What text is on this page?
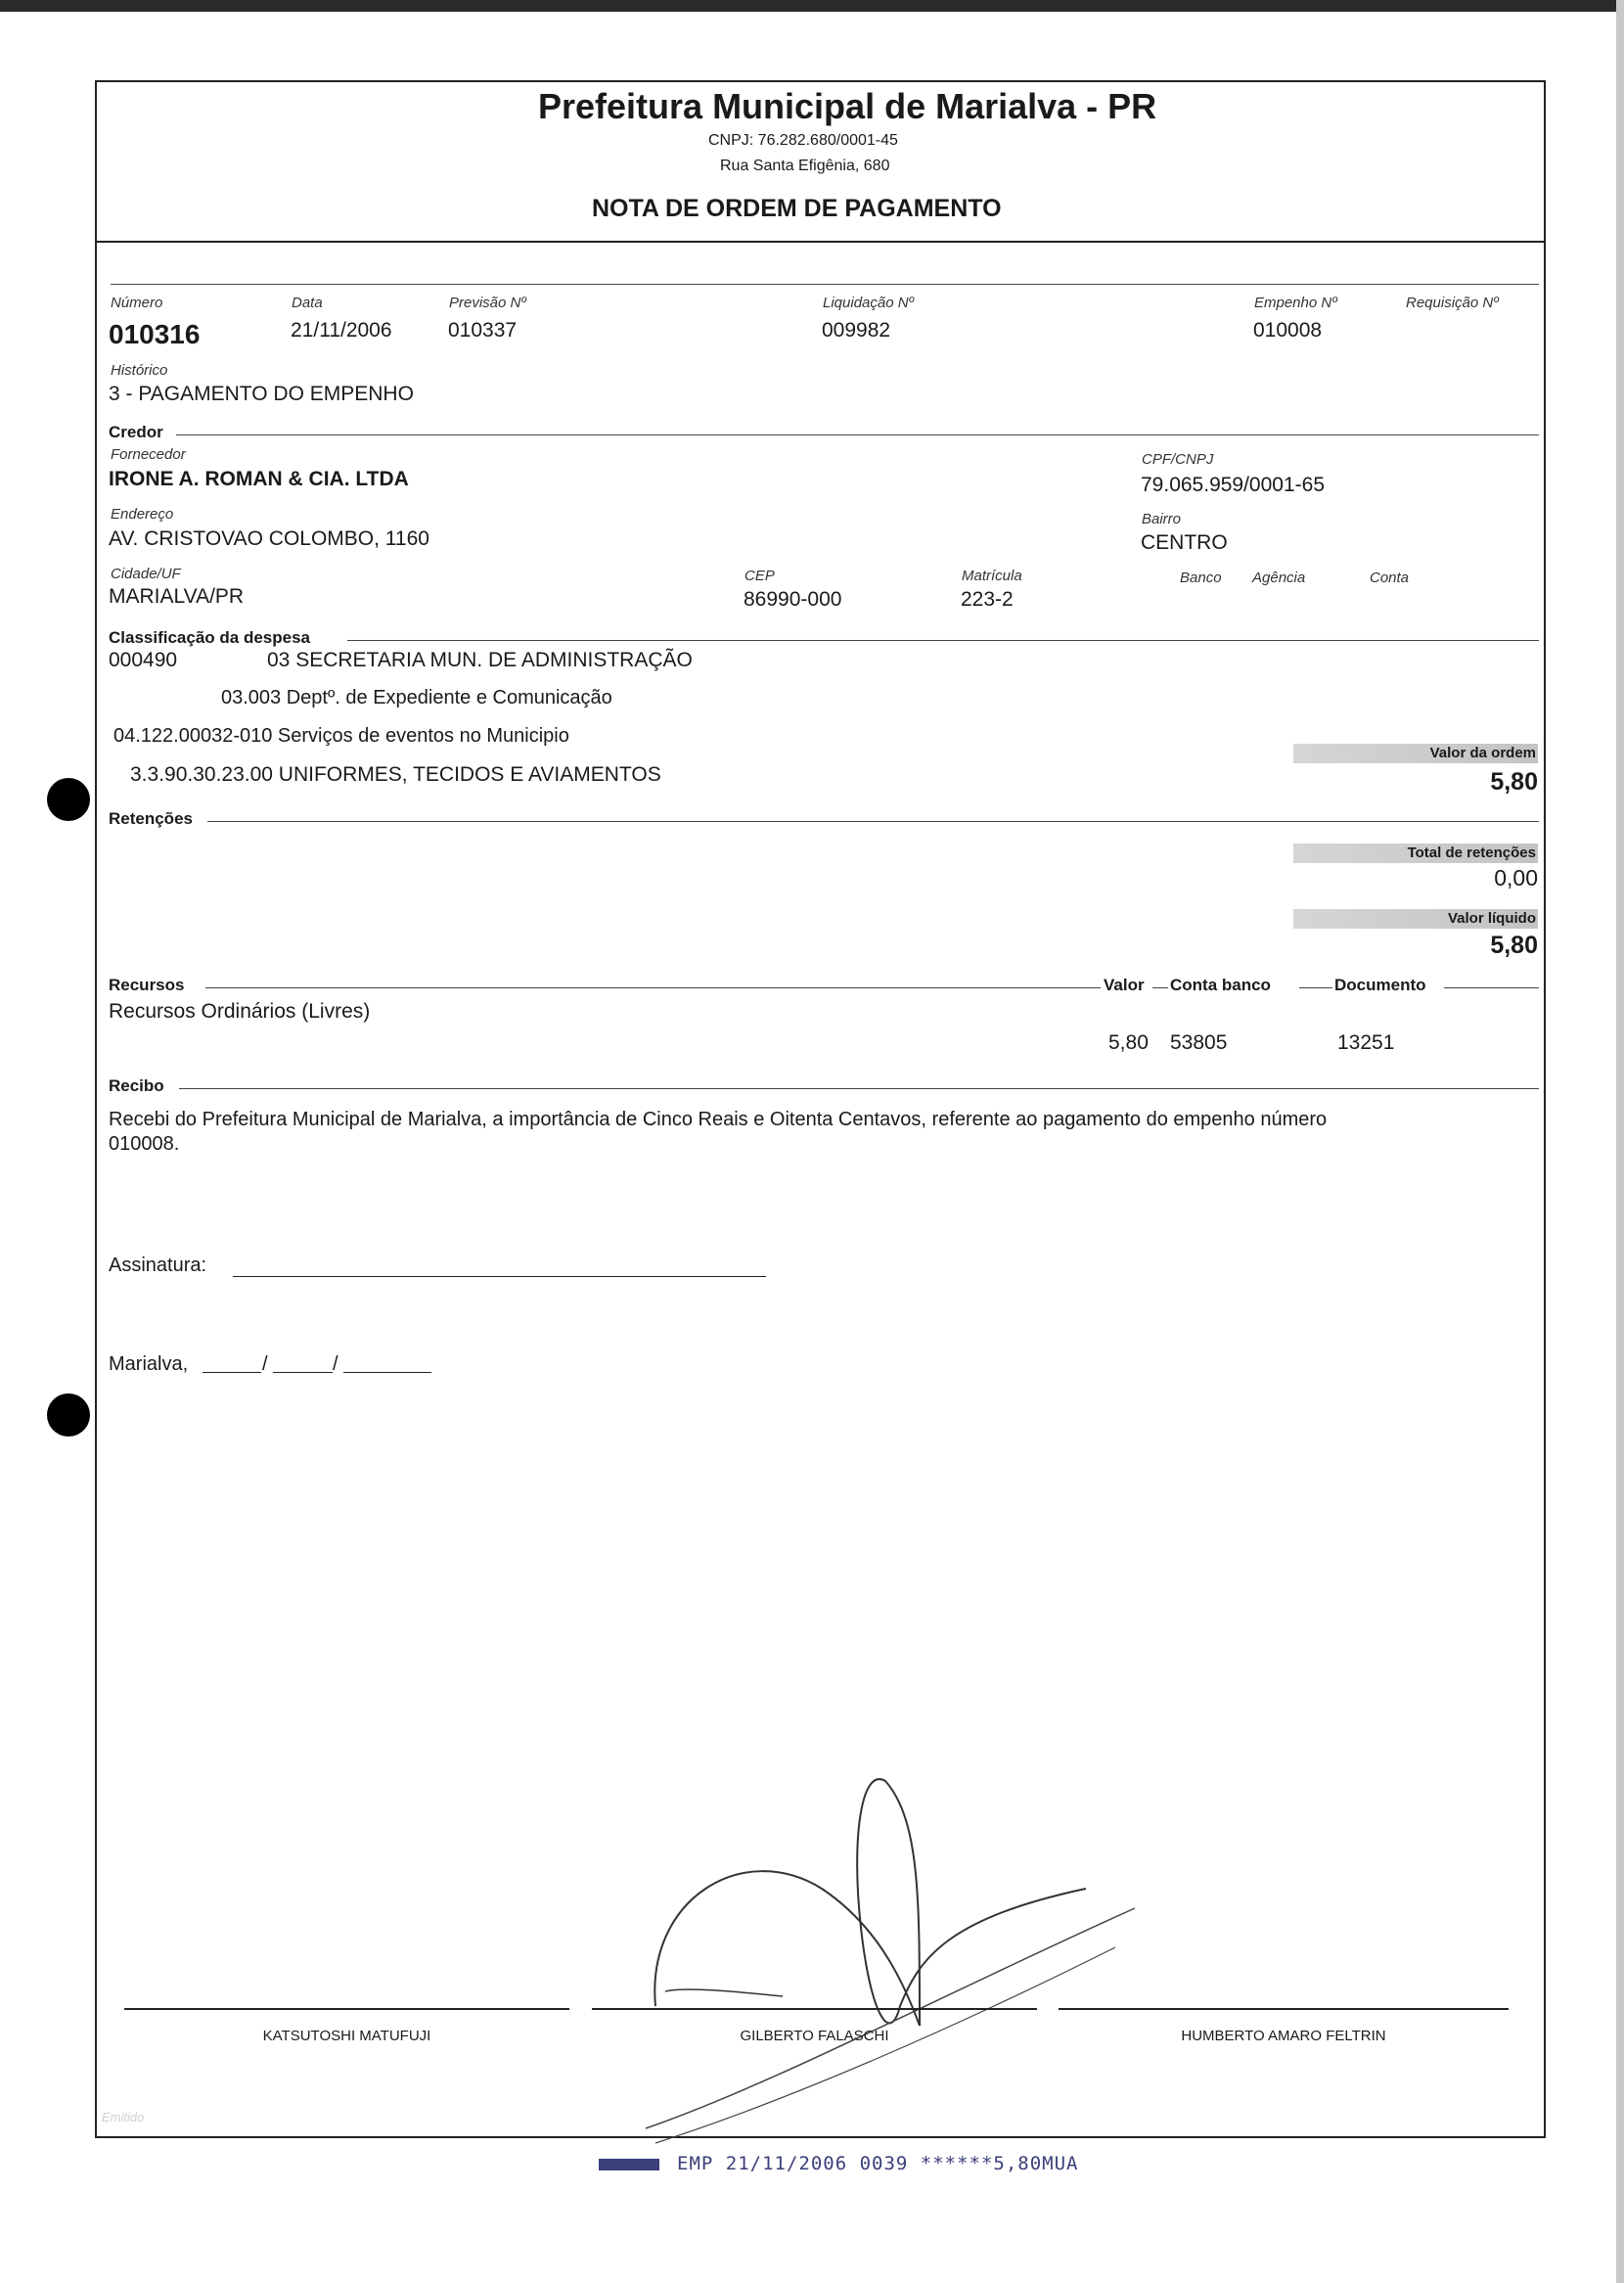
Prefeitura Municipal de Marialva - PR
CNPJ: 76.282.680/0001-45
Rua Santa Efigênia, 680
NOTA DE ORDEM DE PAGAMENTO
Número
010316
Data
21/11/2006
Previsão Nº
010337
Liquidação Nº
009982
Empenho Nº
010008
Requisição Nº
Histórico
3 - PAGAMENTO DO EMPENHO
Credor
Fornecedor
IRONE A. ROMAN & CIA. LTDA
CPF/CNPJ
79.065.959/0001-65
Endereço
AV. CRISTOVAO COLOMBO, 1160
Bairro
CENTRO
Cidade/UF
MARIALVA/PR
CEP
86990-000
Matrícula
223-2
Banco Agência	Conta
Classificação da despesa
000490	03 SECRETARIA MUN. DE ADMINISTRAÇÃO
03.003 Deptº. de Expediente e Comunicação
04.122.00032-010 Serviços de eventos no Municipio
3.3.90.30.23.00 UNIFORMES, TECIDOS E AVIAMENTOS
Valor da ordem
5,80
Retenções
Total de retenções
0,00
Valor líquido
5,80
Recursos	Valor Conta banco	Documento
Recursos Ordinários (Livres)
5,80 53805	13251
Recibo
Recebi do Prefeitura Municipal de Marialva, a importância de Cinco Reais e Oitenta Centavos, referente ao pagamento do empenho número
010008.
Assinatura:
Marialva,	/	/
KATSUTOSHI MATUFUJI	GILBERTO FALASCHI	HUMBERTO AMARO FELTRIN
Emitido
EMP 21/11/2006 0039 ******5,80MUA
